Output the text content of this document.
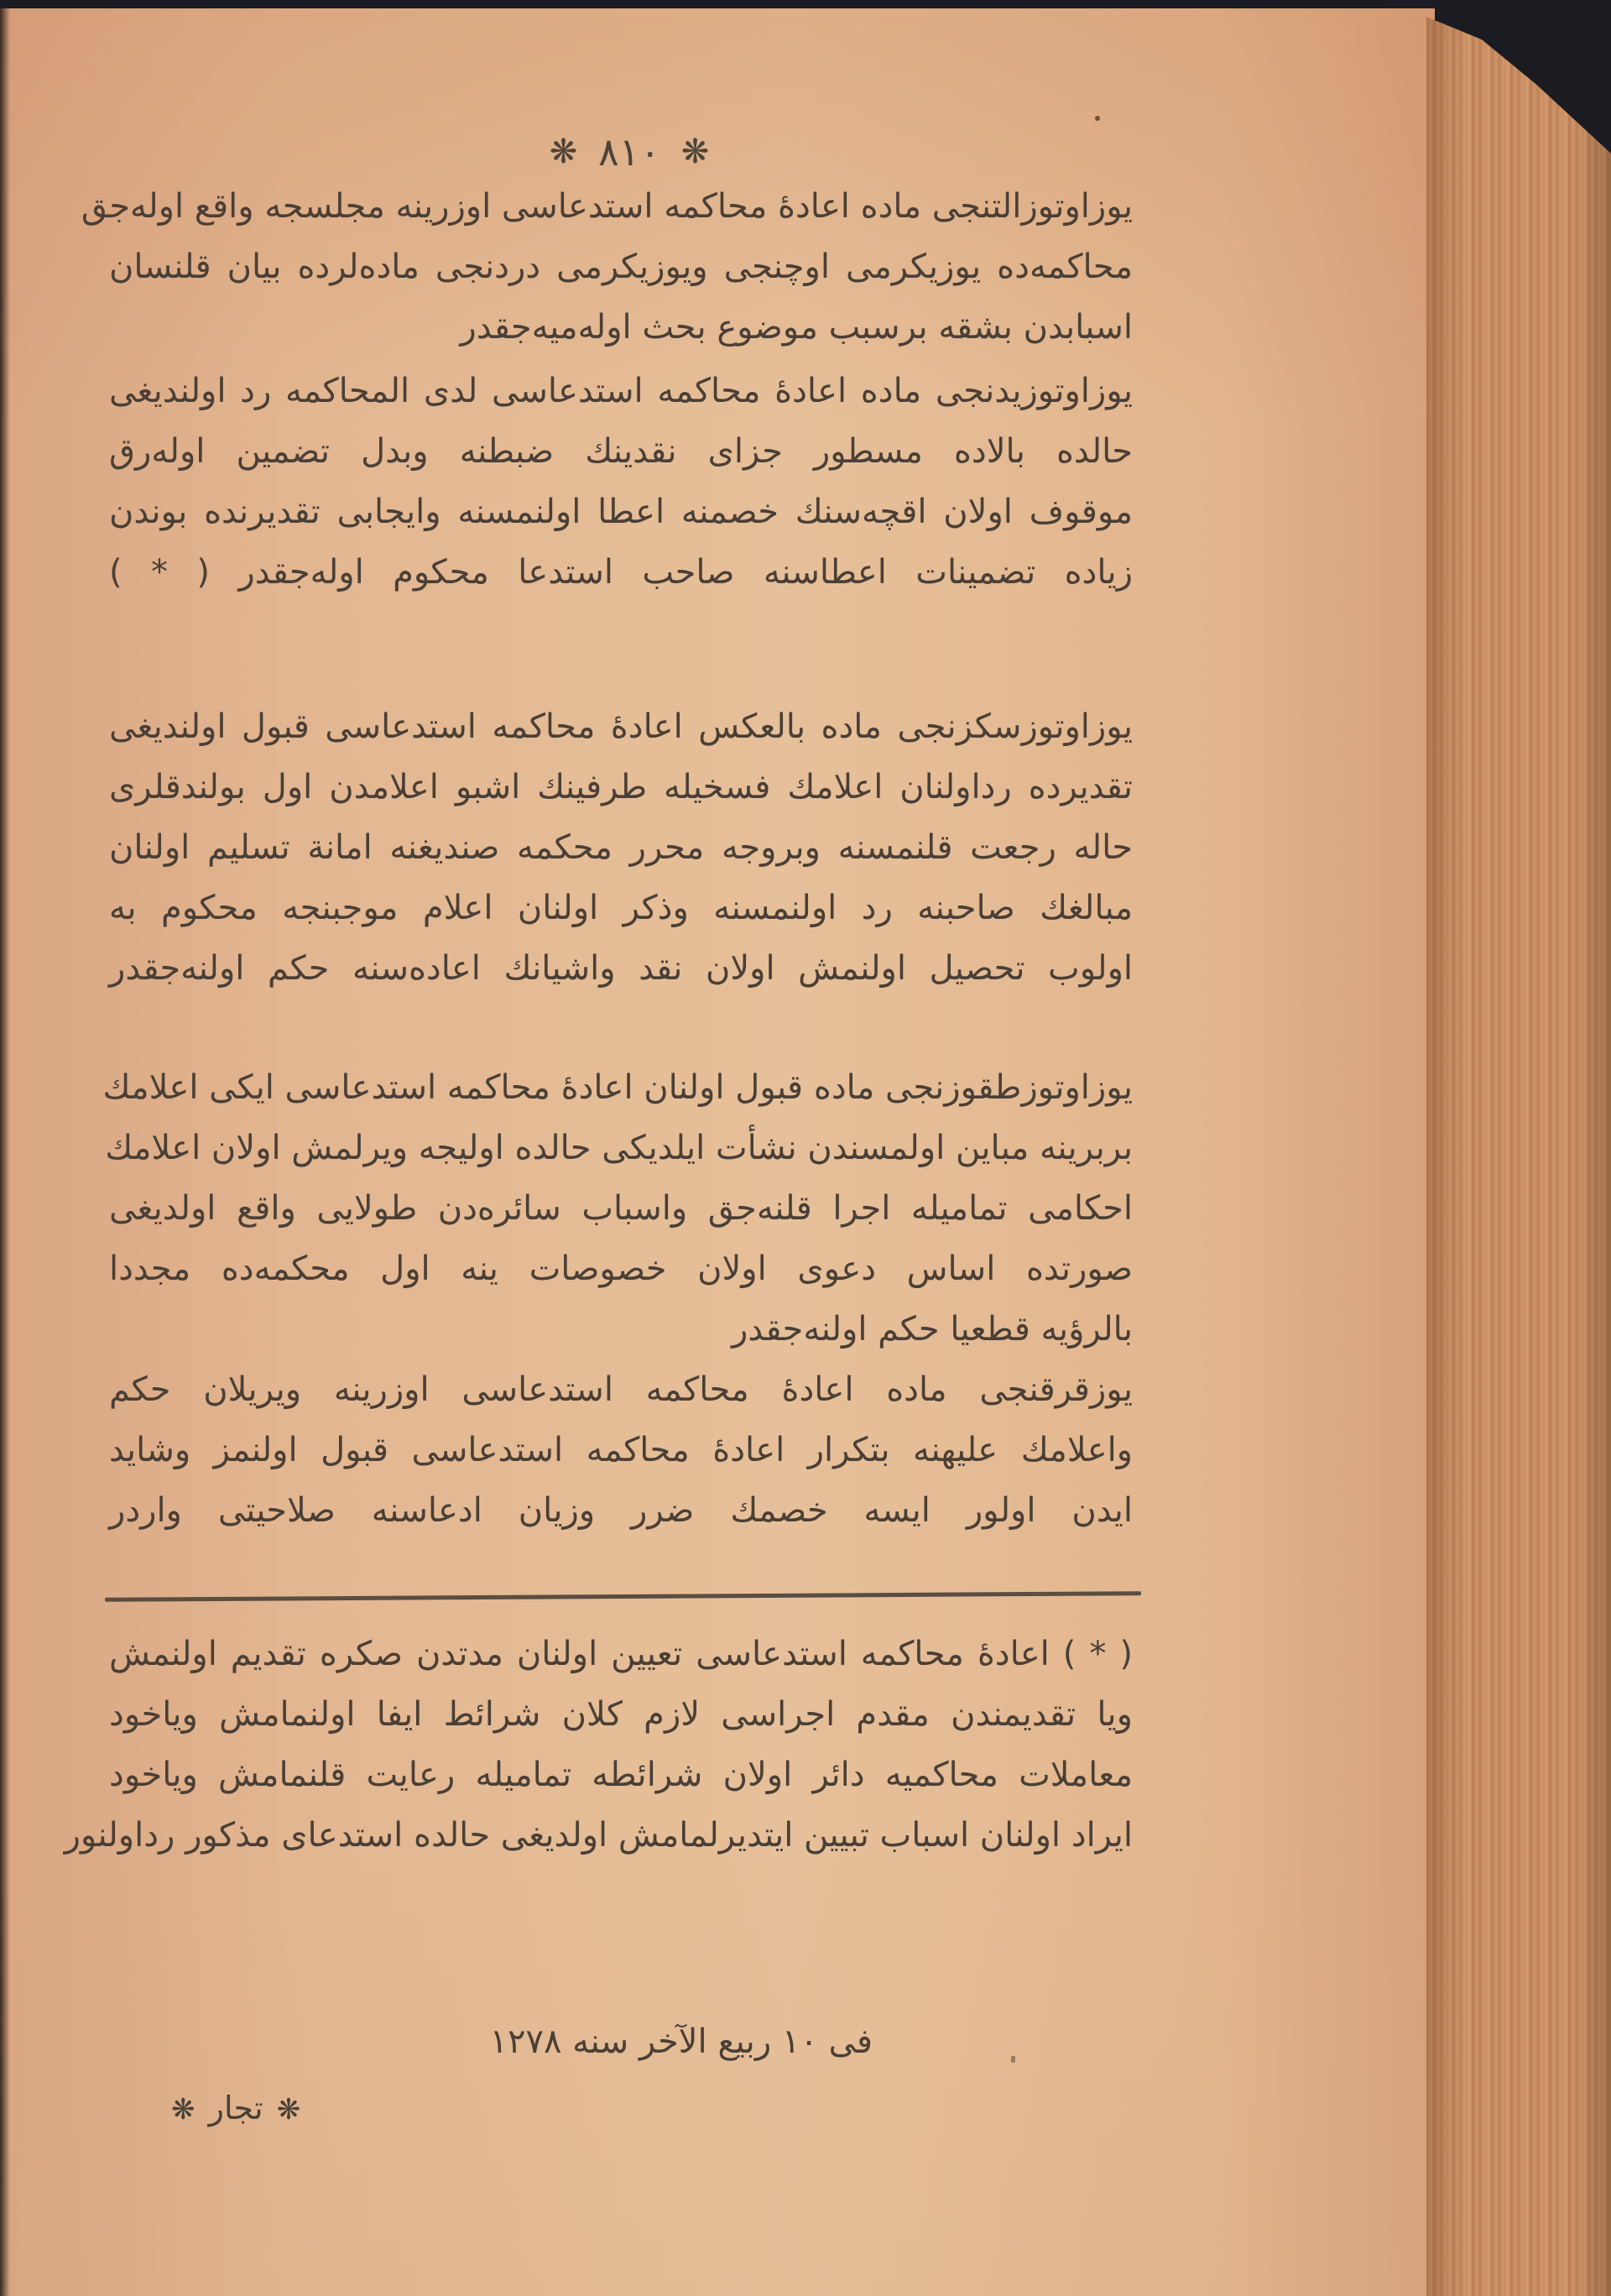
❋ ٨١٠ ❋
يوزاوتوزالتنجى ماده اعادهٔ محاكمه استدعاسى اوزرينه مجلسجه واقع اوله‌جق
محاكمه‌ده يوزيكرمى اوچنجى ويوزيكرمى دردنجى ماده‌لرده بيان قلنسان
اسبابدن بشقه برسبب موضوع بحث اوله‌ميه‌جقدر
يوزاوتوزيدنجى ماده اعادهٔ محاكمه استدعاسى لدى المحاكمه رد اولنديغى
حالده بالاده مسطور جزاى نقدينك ضبطنه وبدل تضمين اوله‌رق
موقوف اولان اقچه‌سنك خصمنه اعطا اولنمسنه وايجابى تقديرنده بوندن
زياده تضمينات اعطاسنه صاحب استدعا محكوم اوله‌جقدر ( * )
يوزاوتوزسكزنجى ماده بالعكس اعادهٔ محاكمه استدعاسى قبول اولنديغى
تقديرده رداولنان اعلامك فسخيله طرفينك اشبو اعلامدن اول بولندقلرى
حاله رجعت قلنمسنه وبروجه محرر محكمه صنديغنه امانة تسليم اولنان
مبالغك صاحبنه رد اولنمسنه وذكر اولنان اعلام موجبنجه محكوم به
اولوب تحصيل اولنمش اولان نقد واشيانك اعاده‌سنه حكم اولنه‌جقدر
يوزاوتوزطقوزنجى ماده قبول اولنان اعادهٔ محاكمه استدعاسى ايكى اعلامك
بربرينه مباين اولمسندن نشأت ايلديكى حالده اوليجه ويرلمش اولان اعلامك
احكامى تماميله اجرا قلنه‌جق واسباب سائره‌دن طولايى واقع اولديغى
صورتده اساس دعوى اولان خصوصات ينه اول محكمه‌ده مجددا
بالرؤيه قطعيا حكم اولنه‌جقدر
يوزقرقنجى ماده اعادهٔ محاكمه استدعاسى اوزرينه ويريلان حكم
واعلامك عليهنه بتكرار اعادهٔ محاكمه استدعاسى قبول اولنمز وشايد
ايدن اولور ايسه خصمك ضرر وزيان ادعاسنه صلاحيتى واردر
( * ) اعادهٔ محاكمه استدعاسى تعيين اولنان مدتدن صكره تقديم اولنمش
ويا تقديمندن مقدم اجراسى لازم كلان شرائط ايفا اولنمامش وياخود
معاملات محاكميه دائر اولان شرائطه تماميله رعايت قلنمامش وياخود
ايراد اولنان اسباب تبيين ايتديرلمامش اولديغى حالده استدعاى مذكور رداولنور
فى ١٠ ربيع الآخر سنه ١٢٧٨
❋ تجار ❋
